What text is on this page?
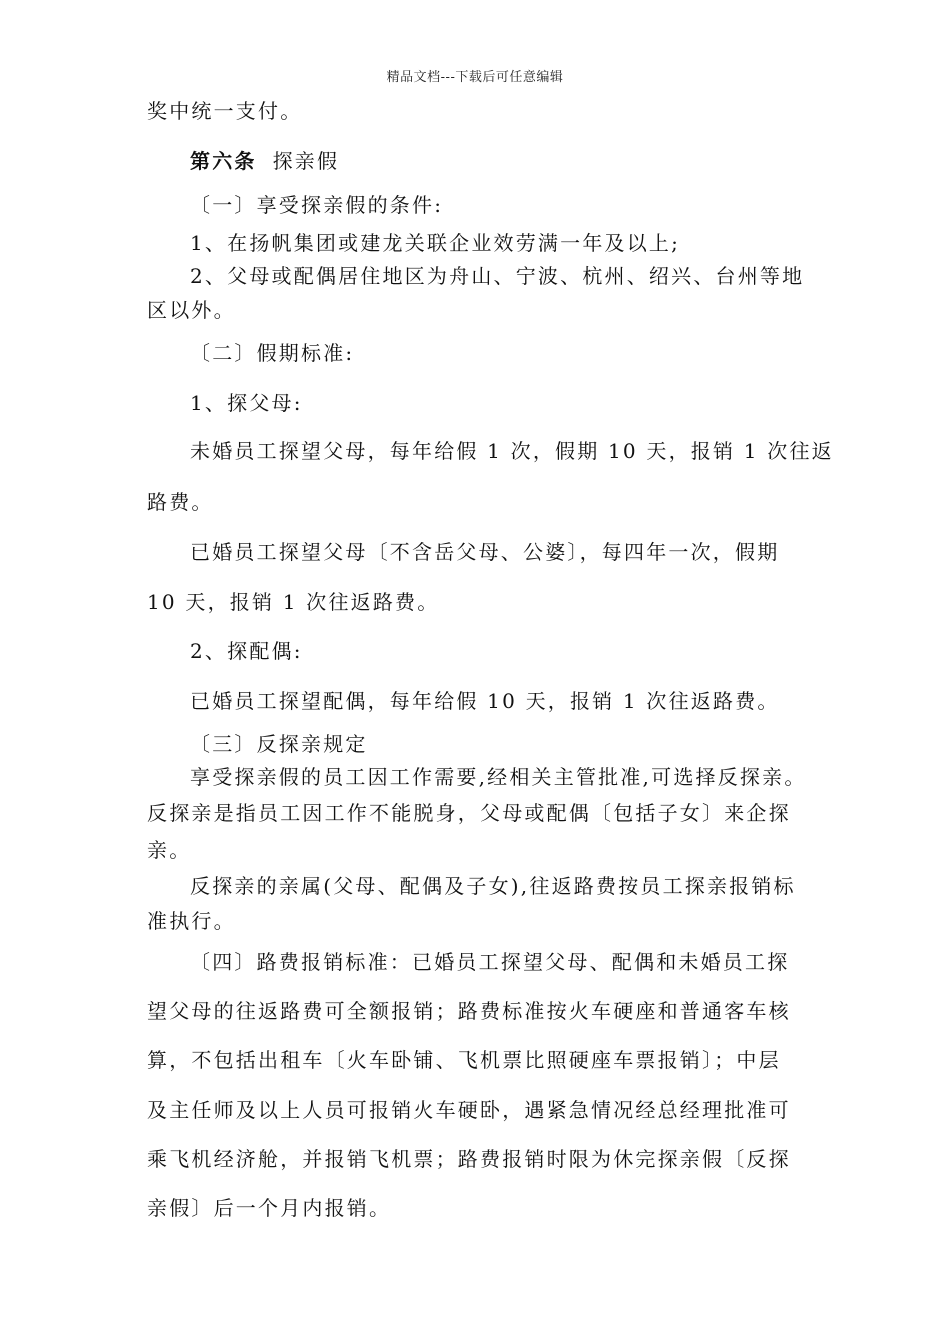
精品文档---下载后可任意编辑
奖中统一支付。
第六条 探亲假
〔一〕享受探亲假的条件:
1、在扬帆集团或建龙关联企业效劳满一年及以上;
2、父母或配偶居住地区为舟山、宁波、杭州、绍兴、台州等地
区以外。
〔二〕假期标准:
1、探父母:
未婚员工探望父母，每年给假 1 次，假期 10 天，报销 1 次往返
路费。
已婚员工探望父母〔不含岳父母、公婆〕，每四年一次，假期
10 天，报销 1 次往返路费。
2、探配偶:
已婚员工探望配偶，每年给假 10 天，报销 1 次往返路费。
〔三〕反探亲规定
享受探亲假的员工因工作需要,经相关主管批准,可选择反探亲。
反探亲是指员工因工作不能脱身，父母或配偶〔包括子女〕来企探
亲。
反探亲的亲属(父母、配偶及子女),往返路费按员工探亲报销标
准执行。
〔四〕路费报销标准：已婚员工探望父母、配偶和未婚员工探
望父母的往返路费可全额报销；路费标准按火车硬座和普通客车核
算，不包括出租车〔火车卧铺、飞机票比照硬座车票报销〕；中层
及主任师及以上人员可报销火车硬卧，遇紧急情况经总经理批准可
乘飞机经济舱，并报销飞机票；路费报销时限为休完探亲假〔反探
亲假〕后一个月内报销。
